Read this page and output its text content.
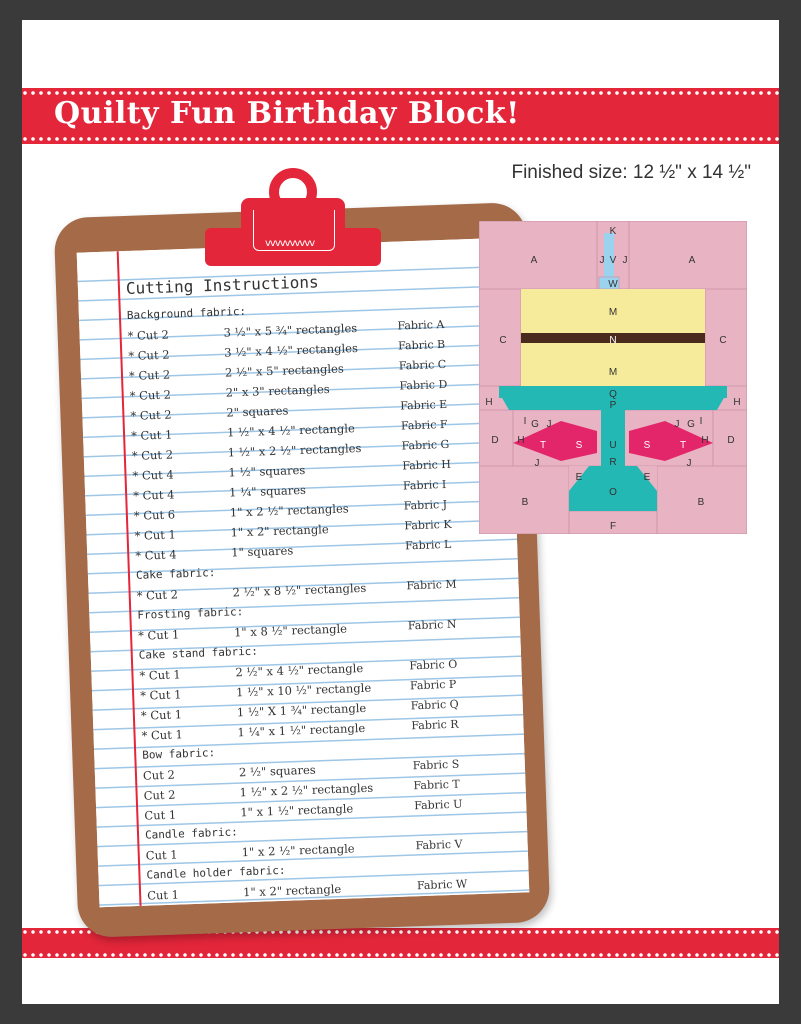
Quilty Fun Birthday Block!
Finished size: 12 ½" x 14 ½"
Cutting Instructions
Background fabric:
* Cut 2	3 ½" x 5 ¾" rectangles	Fabric A
* Cut 2	3 ½" x 4 ½" rectangles	Fabric B
* Cut 2	2 ½" x 5" rectangles	Fabric C
* Cut 2	2" x 3" rectangles	Fabric D
* Cut 2	2" squares	Fabric E
* Cut 1	1 ½" x 4 ½" rectangle	Fabric F
* Cut 2	1 ½" x 2 ½" rectangles	Fabric G
* Cut 4	1 ½" squares	Fabric H
* Cut 4	1 ¼" squares	Fabric I
* Cut 6	1" x 2 ½" rectangles	Fabric J
* Cut 1	1" x 2" rectangle	Fabric K
* Cut 4	1" squares	Fabric L
Cake fabric:
* Cut 2	2 ½" x 8 ½" rectangles	Fabric M
Frosting fabric:
* Cut 1	1" x 8 ½" rectangle	Fabric N
Cake stand fabric:
* Cut 1	2 ½" x 4 ½" rectangle	Fabric O
* Cut 1	1 ½" x 10 ½" rectangle	Fabric P
* Cut 1	1 ½" X 1 ¾" rectangle	Fabric Q
* Cut 1	1 ¼" x 1 ½" rectangle	Fabric R
Bow fabric:
Cut 2	2 ½" squares	Fabric S
Cut 2	1 ½" x 2 ½" rectangles	Fabric T
Cut 1	1" x 1 ½" rectangle	Fabric U
Candle fabric:
Cut 1	1" x 2 ½" rectangle	Fabric V
Candle holder fabric:
Cut 1	1" x 2" rectangle	Fabric W
vvvvvvvvvv
A	A
K
J V J
W
M
N
M
C	C
H
Q
P	H
I	I
G J	G
J
D H	H D
T	S	U	S	T
J	R	J
E	E
O
B	B
F
